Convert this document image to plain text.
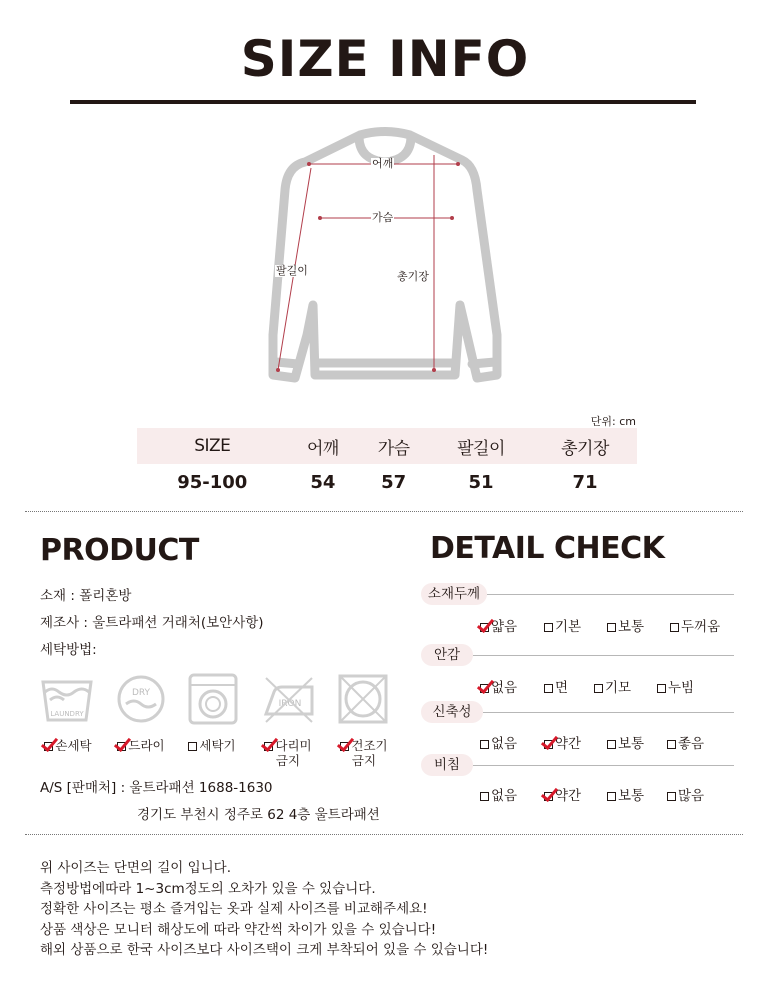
SIZE INFO
어깨
가슴
팔길이	총기장
단위: cm
SIZE	어깨	가슴	팔길이	총기장
95-100	54	57	51	71
PRODUCT
소재 : 폴리혼방
제조사 : 울트라패션 거래처(보안사항)
세탁방법:
LAUNDRY
DRY
IRON
손세탁	드라이	세탁기	다리미
금지
건조기
금지
A/S [판매처] : 울트라패션 1688-1630
경기도 부천시 정주로 62 4층 울트라패션
DETAIL CHECK
소재두께
얇음	기본	보통	두꺼움
안감
없음	면	기모	누빔
신축성
없음	약간	보통	좋음
비침
없음	약간	보통	많음
위 사이즈는 단면의 길이 입니다.
측정방법에따라 1~3cm정도의 오차가 있을 수 있습니다.
정확한 사이즈는 평소 즐겨입는 옷과 실제 사이즈를 비교해주세요!
상품 색상은 모니터 해상도에 따라 약간씩 차이가 있을 수 있습니다!
해외 상품으로 한국 사이즈보다 사이즈택이 크게 부착되어 있을 수 있습니다!
